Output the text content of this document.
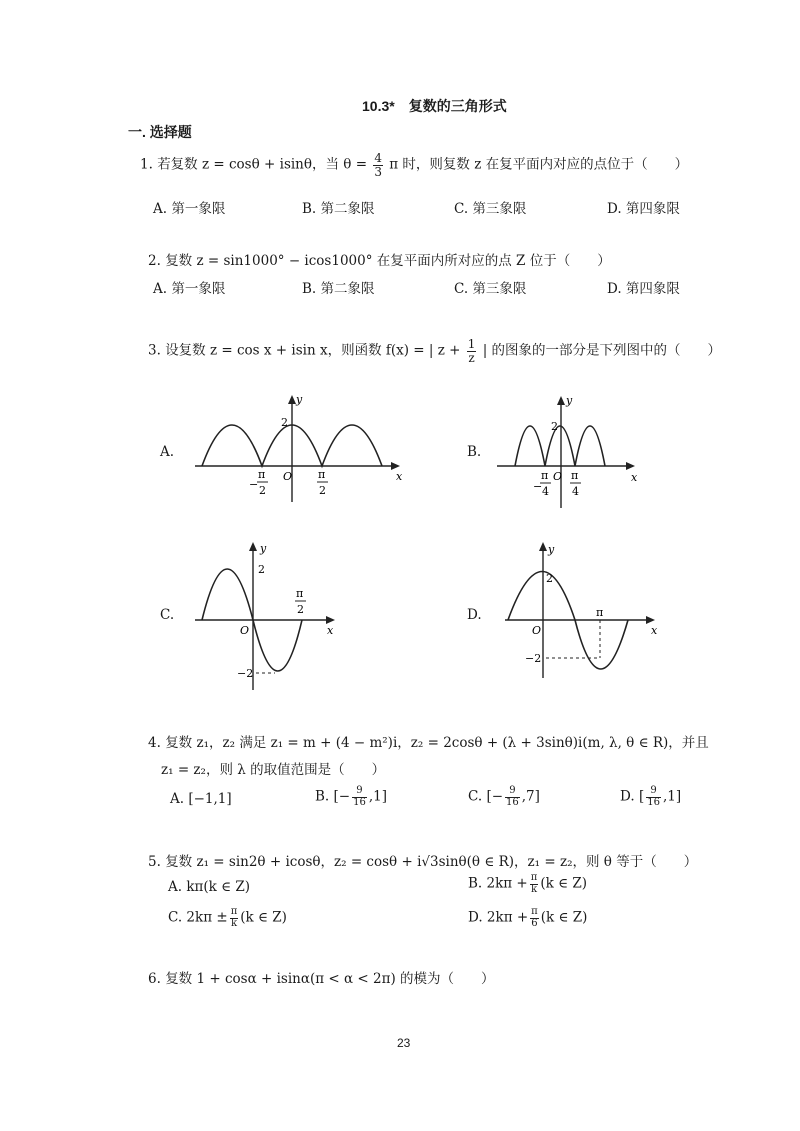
10.3*　复数的三角形式
一. 选择题
1. 若复数 z = cosθ + isinθ，当 $\theta = \frac{4}{3}$ π 时，则复数 z 在复平面内对应的点位于（　　）
A. 第一象限	B. 第二象限	C. 第三象限	D. 第四象限
2. 复数 z = sin1000° − icos1000° 在复平面内所对应的点 Z 位于（　　）
A. 第一象限	B. 第二象限	C. 第三象限	D. 第四象限
3. 设复数 z = cos x + isin x，则函数 f(x) = | $z + \frac{1}{z}$ | 的图象的一部分是下列图中的（　　）
A.	B.
C.	D.
y
x
2
O
−
π
2
π
2
y
x
2
O
−
π
4
π
4
y
x
2
O
−2
π
2
y
x
2
O
−2
π
4. 复数 z₁，z₂ 满足 z₁ = m + (4 − m²)i，z₂ = 2cosθ + (λ + 3sinθ)i(m, λ, θ ∈ R)，并且
z₁ = z₂，则 λ 的取值范围是（　　）
A. [−1,1]	B. [− $\frac{9}{16} ,1$]	C. [− $\frac{9}{16} ,7$]	D. [ $\frac{9}{16} ,1$]
5. 复数 z₁ = sin2θ + icosθ，z₂ = cosθ + i√3sinθ(θ ∈ R)，z₁ = z₂，则 θ 等于（　　）
A. kπ(k ∈ Z)	B. $2k\pi + \frac{\pi}{k} (k$ ∈ Z)
C. $2k\pi \pm \frac{\pi}{k} (k$ ∈ Z)	D. $2k\pi + \frac{\pi}{6} (k$ ∈ Z)
6. 复数 1 + cosα + isinα(π < α < 2π) 的模为（　　）
23
